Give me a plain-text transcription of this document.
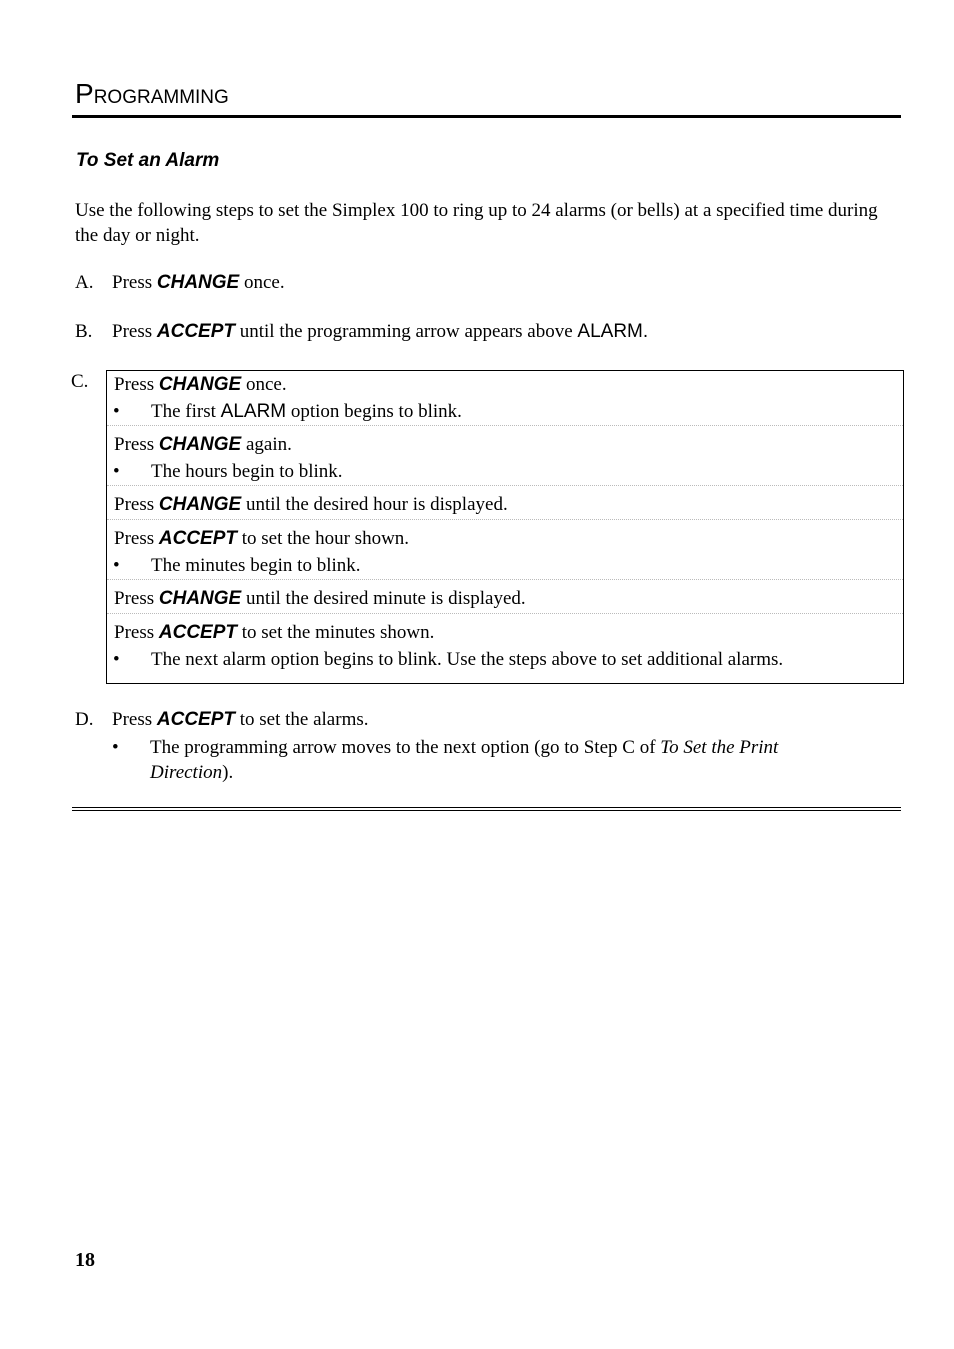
PROGRAMMING
To Set an Alarm
Use the following steps to set the Simplex 100 to ring up to 24 alarms (or bells) at a specified time during the day or night.
A. Press CHANGE once.
B. Press ACCEPT until the programming arrow appears above ALARM.
C. Press CHANGE once.
• The first ALARM option begins to blink.
Press CHANGE again.
• The hours begin to blink.
Press CHANGE until the desired hour is displayed.
Press ACCEPT to set the hour shown.
• The minutes begin to blink.
Press CHANGE until the desired minute is displayed.
Press ACCEPT to set the minutes shown.
• The next alarm option begins to blink. Use the steps above to set additional alarms.
D. Press ACCEPT to set the alarms.
• The programming arrow moves to the next option (go to Step C of To Set the Print
Direction).
18
